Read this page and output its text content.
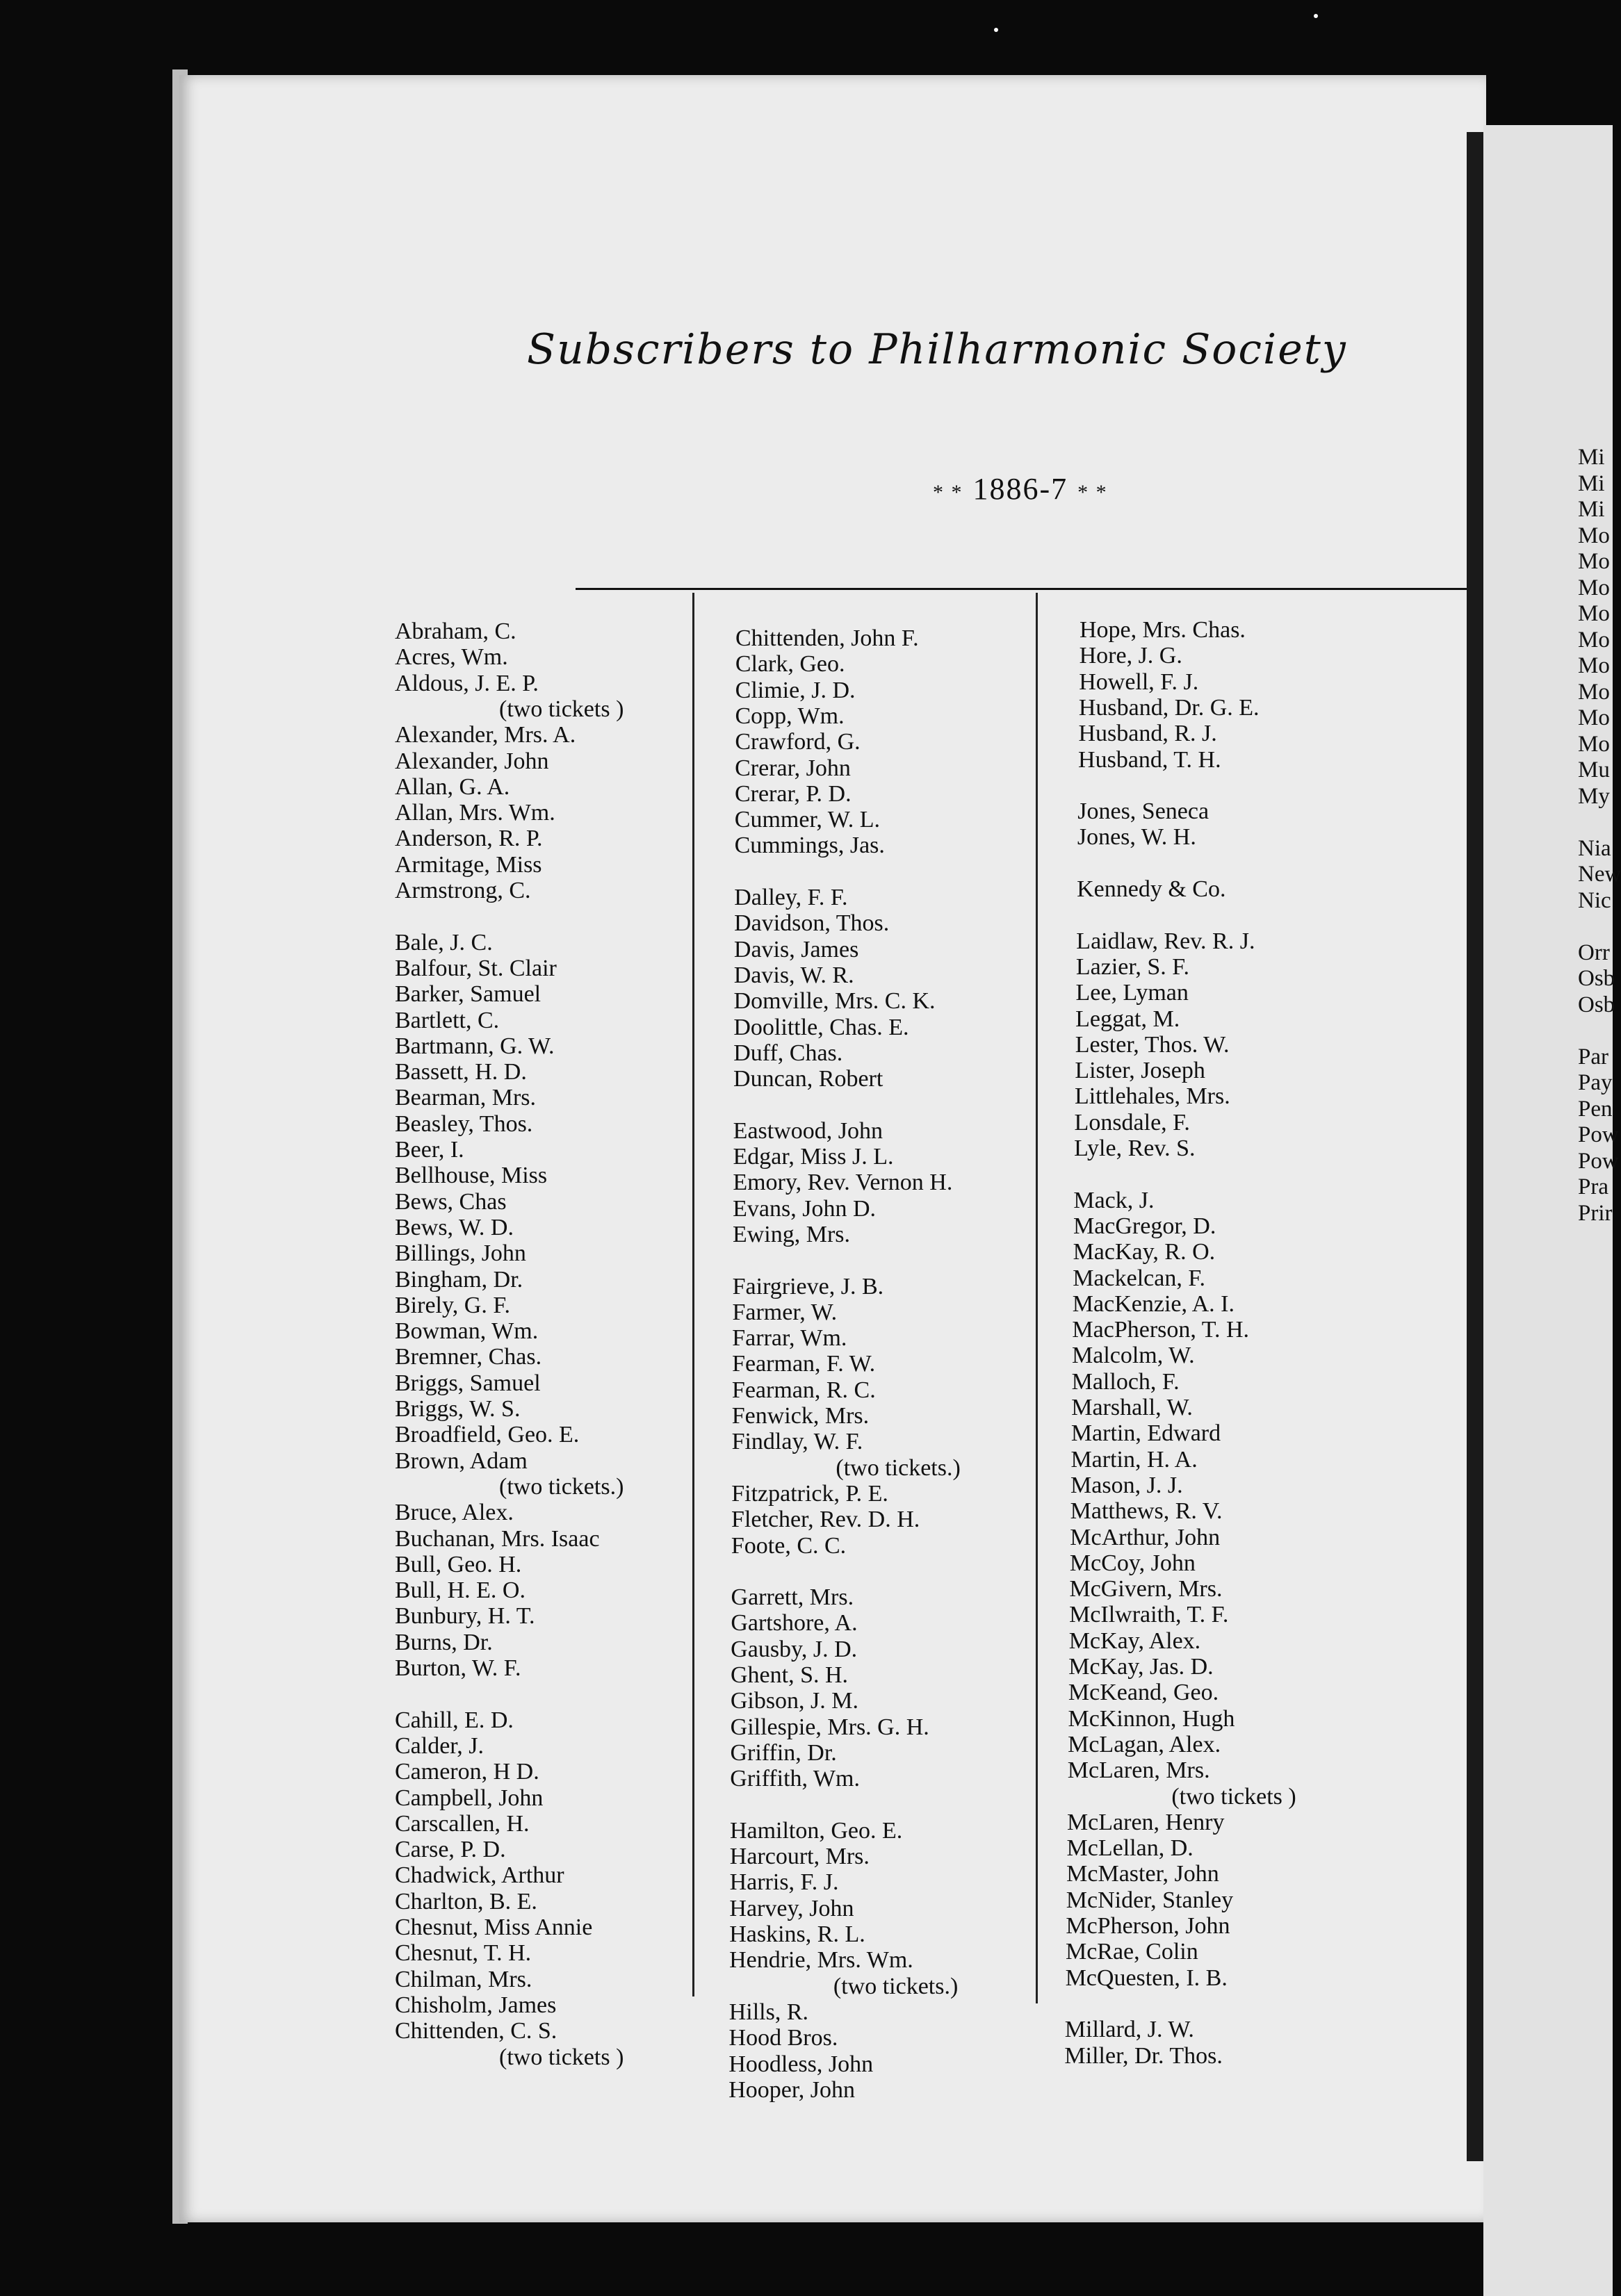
Subscribers to Philharmonic Society
* * 1886-7 * *
Abraham, C.
Acres, Wm.
Aldous, J. E. P.
(two tickets )
Alexander, Mrs. A.
Alexander, John
Allan, G. A.
Allan, Mrs. Wm.
Anderson, R. P.
Armitage, Miss
Armstrong, C.
Bale, J. C.
Balfour, St. Clair
Barker, Samuel
Bartlett, C.
Bartmann, G. W.
Bassett, H. D.
Bearman, Mrs.
Beasley, Thos.
Beer, I.
Bellhouse, Miss
Bews, Chas
Bews, W. D.
Billings, John
Bingham, Dr.
Birely, G. F.
Bowman, Wm.
Bremner, Chas.
Briggs, Samuel
Briggs, W. S.
Broadfield, Geo. E.
Brown, Adam
(two tickets.)
Bruce, Alex.
Buchanan, Mrs. Isaac
Bull, Geo. H.
Bull, H. E. O.
Bunbury, H. T.
Burns, Dr.
Burton, W. F.
Cahill, E. D.
Calder, J.
Cameron, H D.
Campbell, John
Carscallen, H.
Carse, P. D.
Chadwick, Arthur
Charlton, B. E.
Chesnut, Miss Annie
Chesnut, T. H.
Chilman, Mrs.
Chisholm, James
Chittenden, C. S.
(two tickets )
Chittenden, John F.
Clark, Geo.
Climie, J. D.
Copp, Wm.
Crawford, G.
Crerar, John
Crerar, P. D.
Cummer, W. L.
Cummings, Jas.
Dalley, F. F.
Davidson, Thos.
Davis, James
Davis, W. R.
Domville, Mrs. C. K.
Doolittle, Chas. E.
Duff, Chas.
Duncan, Robert
Eastwood, John
Edgar, Miss J. L.
Emory, Rev. Vernon H.
Evans, John D.
Ewing, Mrs.
Fairgrieve, J. B.
Farmer, W.
Farrar, Wm.
Fearman, F. W.
Fearman, R. C.
Fenwick, Mrs.
Findlay, W. F.
(two tickets.)
Fitzpatrick, P. E.
Fletcher, Rev. D. H.
Foote, C. C.
Garrett, Mrs.
Gartshore, A.
Gausby, J. D.
Ghent, S. H.
Gibson, J. M.
Gillespie, Mrs. G. H.
Griffin, Dr.
Griffith, Wm.
Hamilton, Geo. E.
Harcourt, Mrs.
Harris, F. J.
Harvey, John
Haskins, R. L.
Hendrie, Mrs. Wm.
(two tickets.)
Hills, R.
Hood Bros.
Hoodless, John
Hooper, John
Hope, Mrs. Chas.
Hore, J. G.
Howell, F. J.
Husband, Dr. G. E.
Husband, R. J.
Husband, T. H.
Jones, Seneca
Jones, W. H.
Kennedy & Co.
Laidlaw, Rev. R. J.
Lazier, S. F.
Lee, Lyman
Leggat, M.
Lester, Thos. W.
Lister, Joseph
Littlehales, Mrs.
Lonsdale, F.
Lyle, Rev. S.
Mack, J.
MacGregor, D.
MacKay, R. O.
Mackelcan, F.
MacKenzie, A. I.
MacPherson, T. H.
Malcolm, W.
Malloch, F.
Marshall, W.
Martin, Edward
Martin, H. A.
Mason, J. J.
Matthews, R. V.
McArthur, John
McCoy, John
McGivern, Mrs.
McIlwraith, T. F.
McKay, Alex.
McKay, Jas. D.
McKeand, Geo.
McKinnon, Hugh
McLagan, Alex.
McLaren, Mrs.
(two tickets )
McLaren, Henry
McLellan, D.
McMaster, John
McNider, Stanley
McPherson, John
McRae, Colin
McQuesten, I. B.
Millard, J. W.
Miller, Dr. Thos.
Mi
Mi
Mi
Mo
Mo
Mo
Mo
Mo
Mo
Mo
Mo
Mo
Mu
My
Nia
New
Nic
Orr
Osb
Osb
Par
Pay
Pen
Pow
Pow
Pra
Prir
